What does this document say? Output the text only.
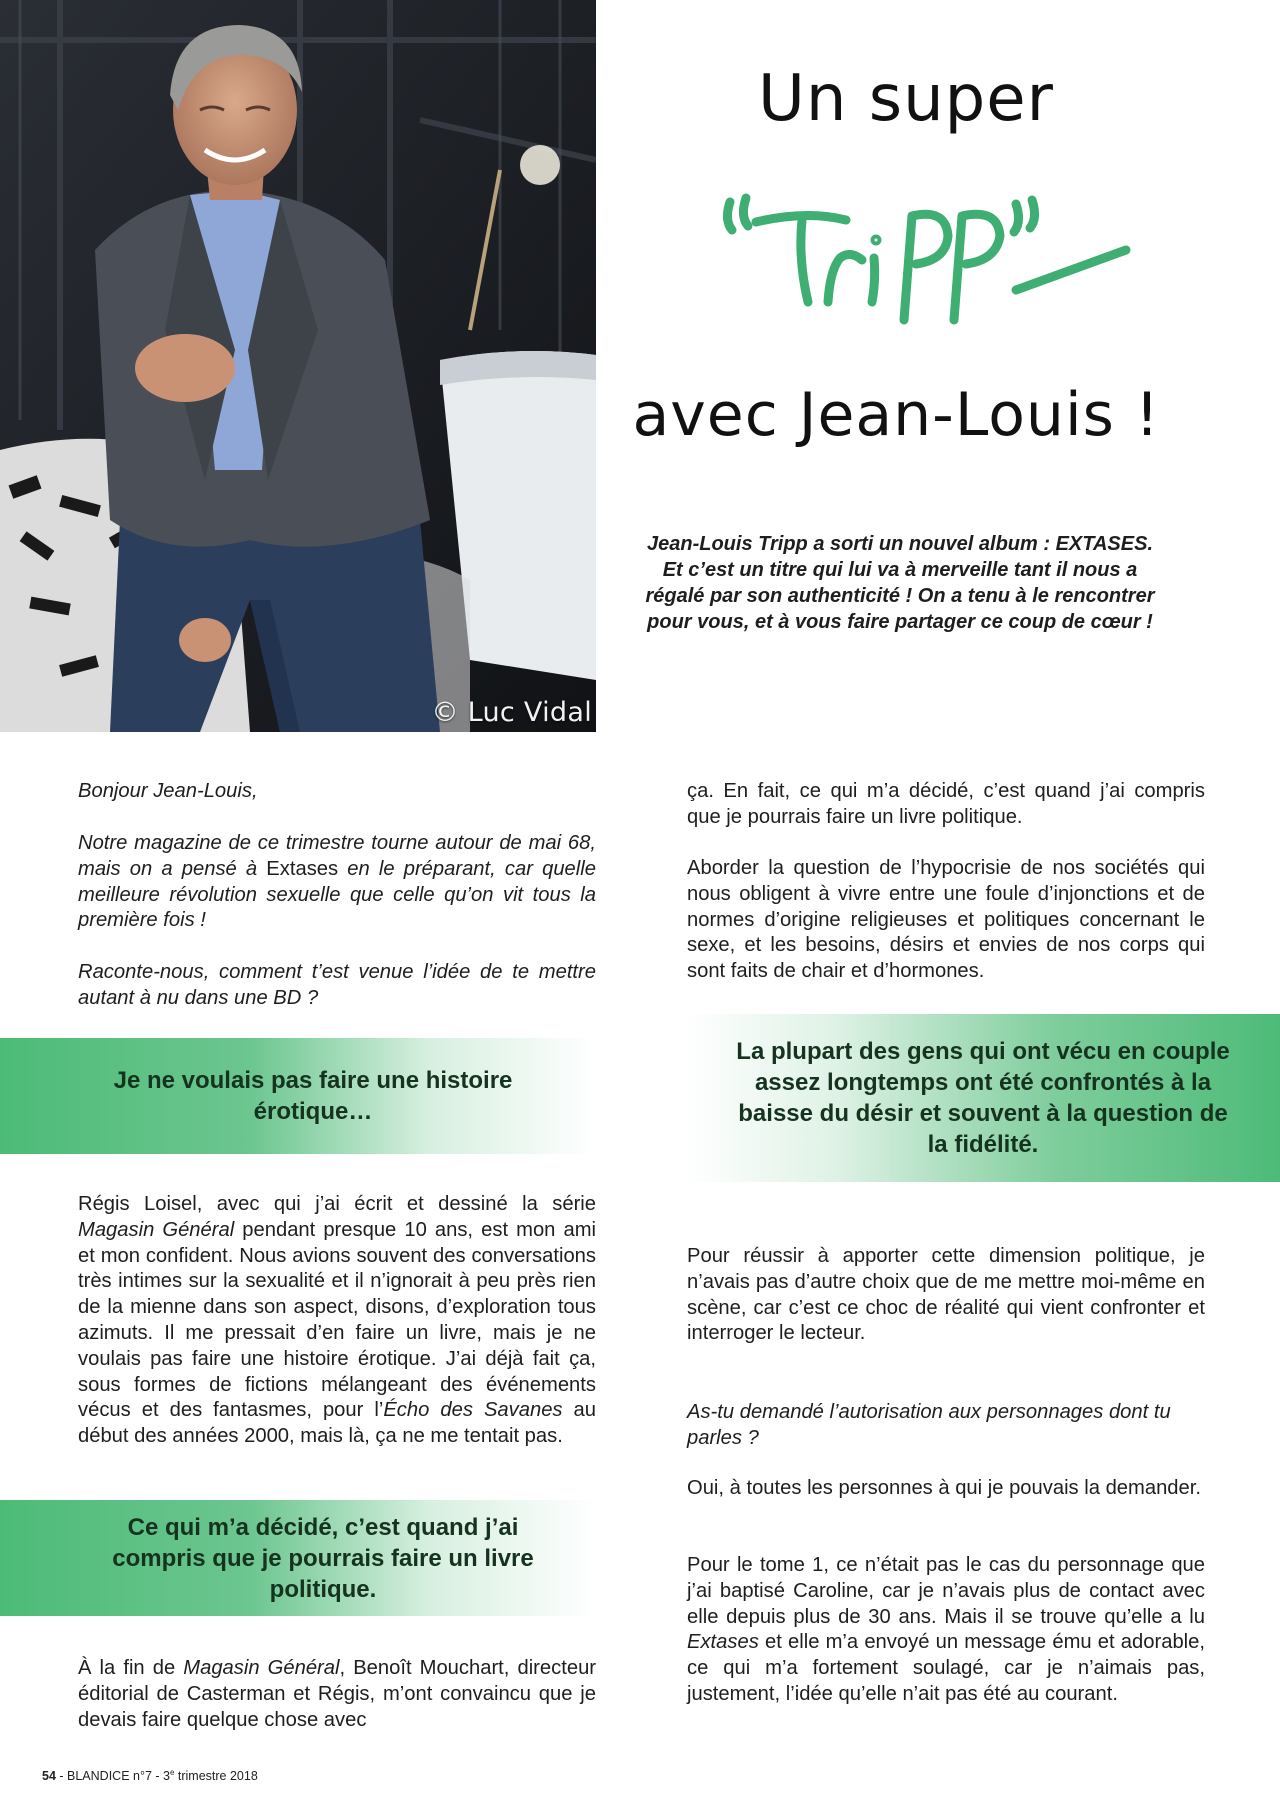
© Luc Vidal
Un super
avec Jean-Louis !
Jean-Louis Tripp a sorti un nouvel album : EXTASES. Et c’est un titre qui lui va à merveille tant il nous a régalé par son authenticité ! On a tenu à le rencontrer pour vous, et à vous faire partager ce coup de cœur !

Bonjour Jean-Louis,

Notre magazine de ce trimestre tourne autour de mai 68, mais on a pensé à Extases en le préparant, car quelle meilleure révolution sexuelle que celle qu’on vit tous la première fois !

Raconte-nous, comment t’est venue l’idée de te mettre autant à nu dans une BD ?

Je ne voulais pas faire une histoire érotique…

Régis Loisel, avec qui j’ai écrit et dessiné la série Magasin Général pendant presque 10 ans, est mon ami et mon confident. Nous avions souvent des conversations très intimes sur la sexualité et il n’ignorait à peu près rien de la mienne dans son aspect, disons, d’exploration tous azimuts. Il me pressait d’en faire un livre, mais je ne voulais pas faire une histoire érotique. J’ai déjà fait ça, sous formes de fictions mélangeant des événements vécus et des fantasmes, pour l’Écho des Savanes au début des années 2000, mais là, ça ne me tentait pas.

Ce qui m’a décidé, c’est quand j’ai compris que je pourrais faire un livre politique.

À la fin de Magasin Général, Benoît Mouchart, directeur éditorial de Casterman et Régis, m’ont convaincu que je devais faire quelque chose avec

ça. En fait, ce qui m’a décidé, c’est quand j’ai compris que je pourrais faire un livre politique.

Aborder la question de l’hypocrisie de nos sociétés qui nous obligent à vivre entre une foule d’injonctions et de normes d’origine religieuses et politiques concernant le sexe, et les besoins, désirs et envies de nos corps qui sont faits de chair et d’hormones.

La plupart des gens qui ont vécu en couple assez longtemps ont été confrontés à la baisse du désir et souvent à la question de la fidélité.

Pour réussir à apporter cette dimension politique, je n’avais pas d’autre choix que de me mettre moi-même en scène, car c’est ce choc de réalité qui vient confronter et interroger le lecteur.

As-tu demandé l’autorisation aux personnages dont tu parles ?

Oui, à toutes les personnes à qui je pouvais la demander.

Pour le tome 1, ce n’était pas le cas du personnage que j’ai baptisé Caroline, car je n’avais plus de contact avec elle depuis plus de 30 ans. Mais il se trouve qu’elle a lu Extases et elle m’a envoyé un message ému et adorable, ce qui m’a fortement soulagé, car je n’aimais pas, justement, l’idée qu’elle n’ait pas été au courant.

54 - BLANDICE n°7 - 3e trimestre 2018
